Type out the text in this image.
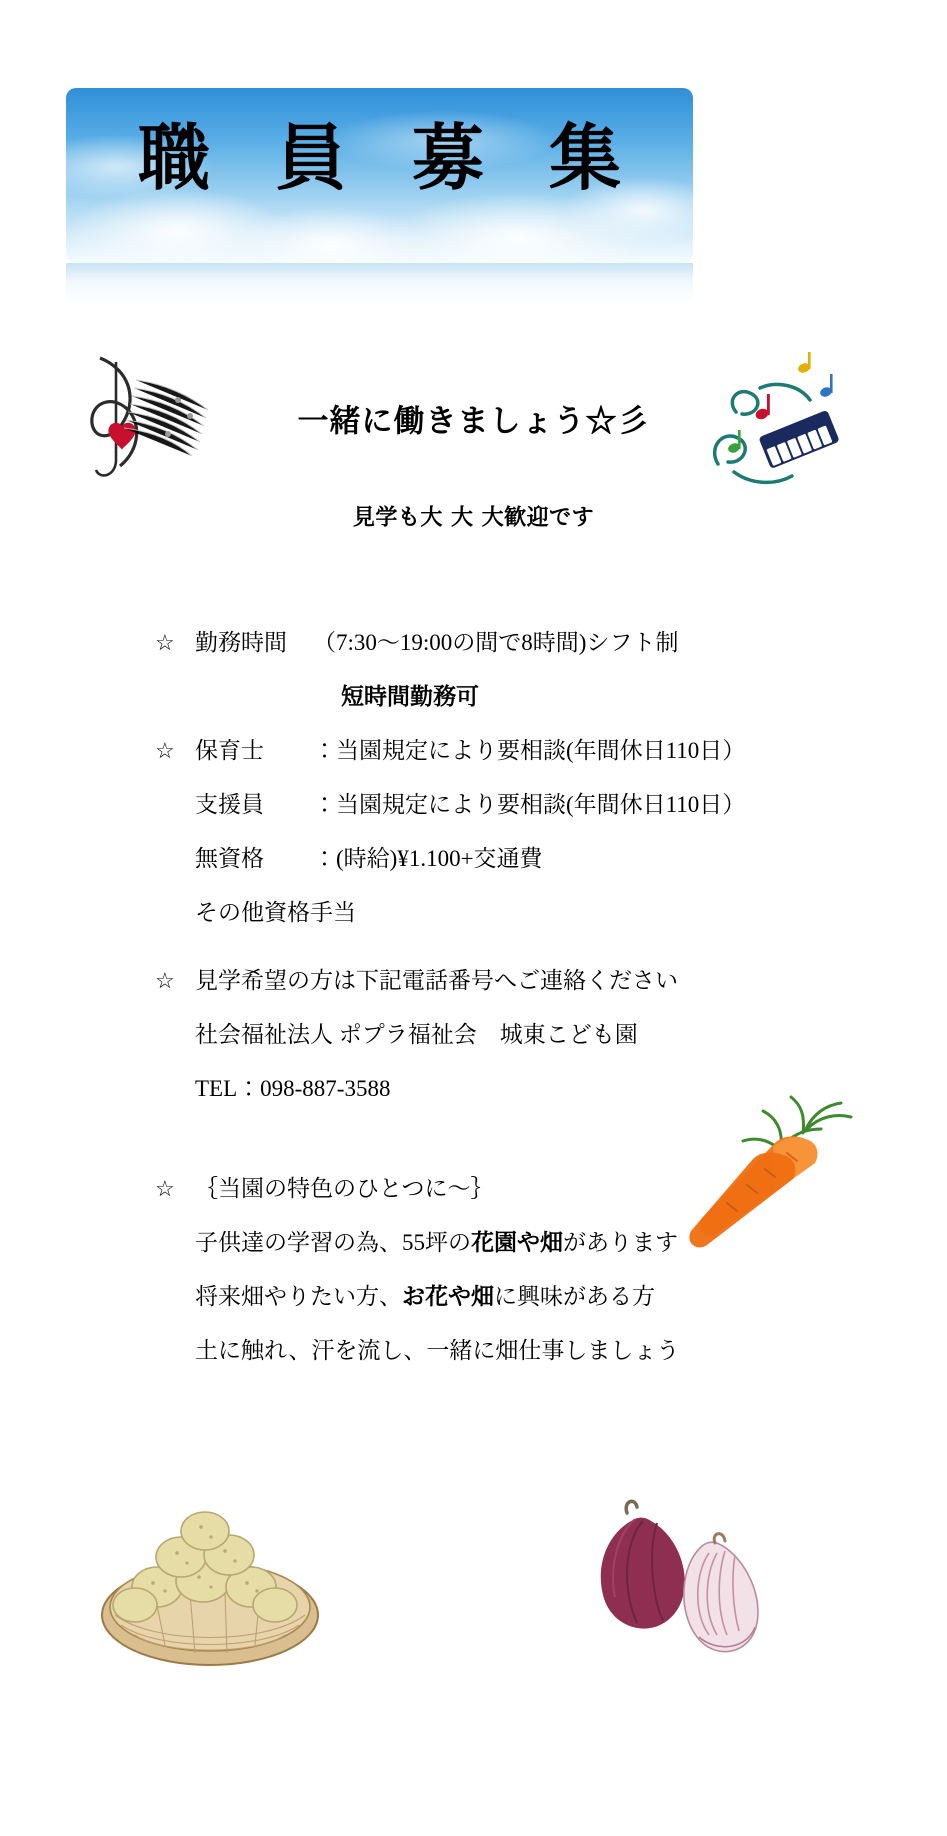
職 員 募 集
一緒に働きましょう☆彡
見学も大 大 大歓迎です
☆ 勤務時間 （7:30～19:00の間で8時間)シフト制
短時間勤務可
☆ 保育士 ：当園規定により要相談(年間休日110日）
支援員 ：当園規定により要相談(年間休日110日）
無資格 ：(時給)¥1.100+交通費
その他資格手当
☆ 見学希望の方は下記電話番号へご連絡ください
社会福祉法人 ポプラ福祉会　城東こども園
TEL：098-887-3588
☆ ｛当園の特色のひとつに～｝
子供達の学習の為、55坪の花園や畑があります
将来畑やりたい方、お花や畑に興味がある方
土に触れ、汗を流し、一緒に畑仕事しましょう
